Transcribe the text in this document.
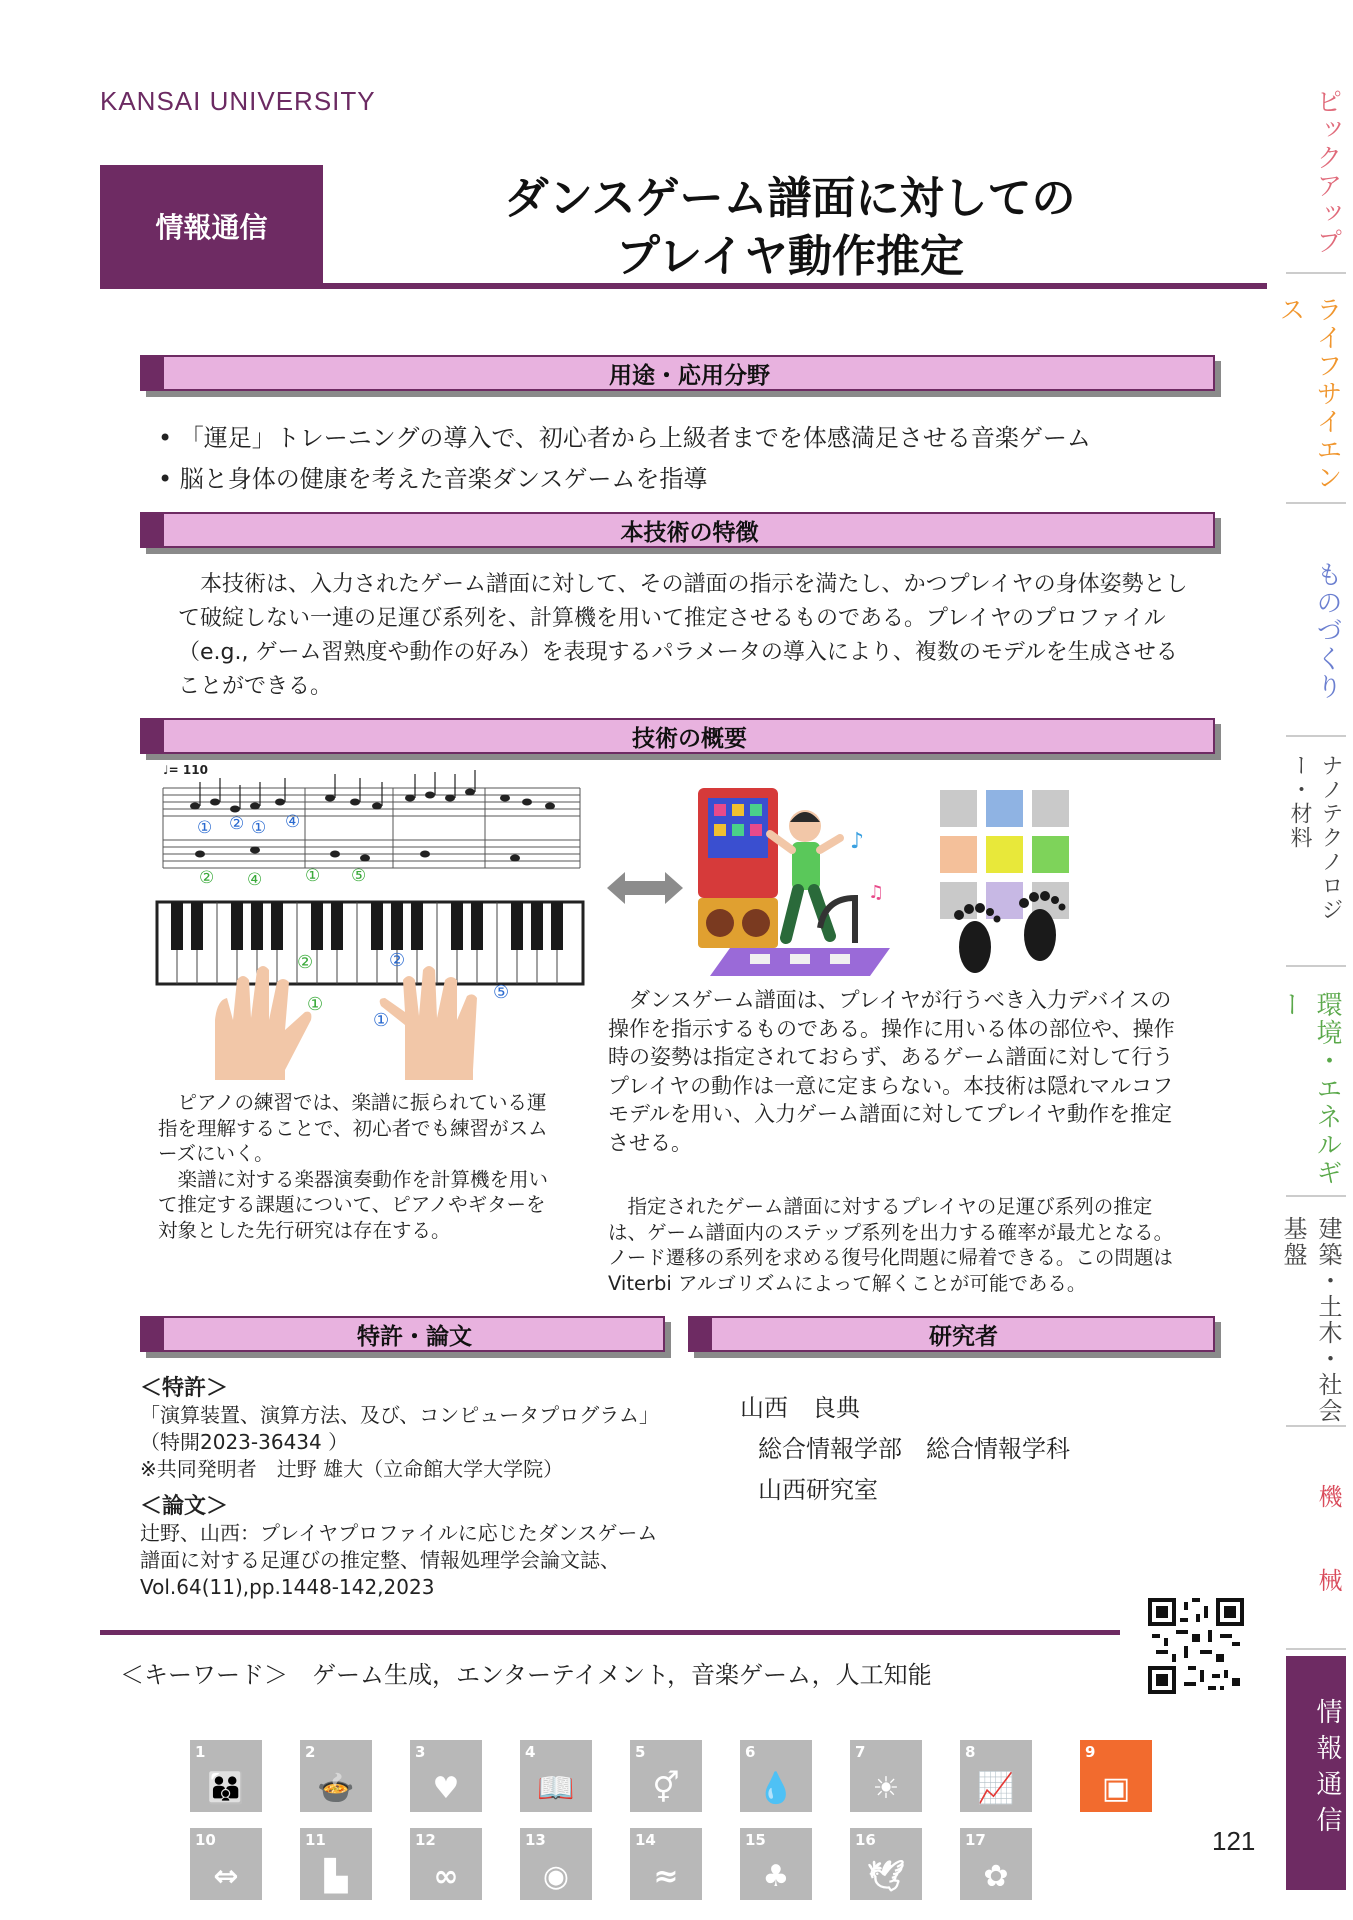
KANSAI UNIVERSITY
情報通信
ダンスゲーム譜面に対しての
プレイヤ動作推定
用途・応用分野
• 「運足」トレーニングの導入で、初心者から上級者までを体感満足させる音楽ゲーム
• 脳と身体の健康を考えた音楽ダンスゲームを指導
本技術の特徴
　本技術は、入力されたゲーム譜面に対して、その譜面の指示を満たし、かつプレイヤの身体姿勢として破綻しない一連の足運び系列を、計算機を用いて推定させるものである。プレイヤのプロファイル（e.g., ゲーム習熟度や動作の好み）を表現するパラメータの導入により、複数のモデルを生成させることができる。
技術の概要
♩= 110
① ② ① ④
② ④	① ⑤
②
①
②
①
⑤
♪
♫
　ピアノの練習では、楽譜に振られている運指を理解することで、初心者でも練習がスムーズにいく。
　楽譜に対する楽器演奏動作を計算機を用いて推定する課題について、ピアノやギターを対象とした先行研究は存在する。
　ダンスゲーム譜面は、プレイヤが行うべき入力デバイスの操作を指示するものである。操作に用いる体の部位や、操作時の姿勢は指定されておらず、あるゲーム譜面に対して行うプレイヤの動作は一意に定まらない。本技術は隠れマルコフモデルを用い、入力ゲーム譜面に対してプレイヤ動作を推定させる。
　指定されたゲーム譜面に対するプレイヤの足運び系列の推定は、ゲーム譜面内のステップ系列を出力する確率が最尤となる。ノード遷移の系列を求める復号化問題に帰着できる。この問題はViterbi アルゴリズムによって解くことが可能である。
特許・論文	研究者
＜特許＞
「演算装置、演算方法、及び、コンピュータプログラム」
（特開2023-36434 ）
※共同発明者　辻野 雄大（立命館大学大学院）
＜論文＞
辻野、山西：プレイヤプロファイルに応じたダンスゲーム
譜面に対する足運びの推定整、情報処理学会論文誌、
Vol.64(11),pp.1448-142,2023
山西　良典
総合情報学部　総合情報学科
山西研究室
＜キーワード＞　ゲーム生成，エンターテイメント，音楽ゲーム，人工知能
1
👪
2
🍲
3
♥
4
📖
5
⚥
6
💧
7
☀
8
📈
10
⇔
11
▙
12
∞
13
◉
14
≈
15
♣
16
🕊
17
✿
9
▣
121
ピックアップ
ライフサイエンス
ものづくり
ナノテクノロジー・材料
環境・エネルギー
建築・土木・社会基盤
機　械
情報通信
